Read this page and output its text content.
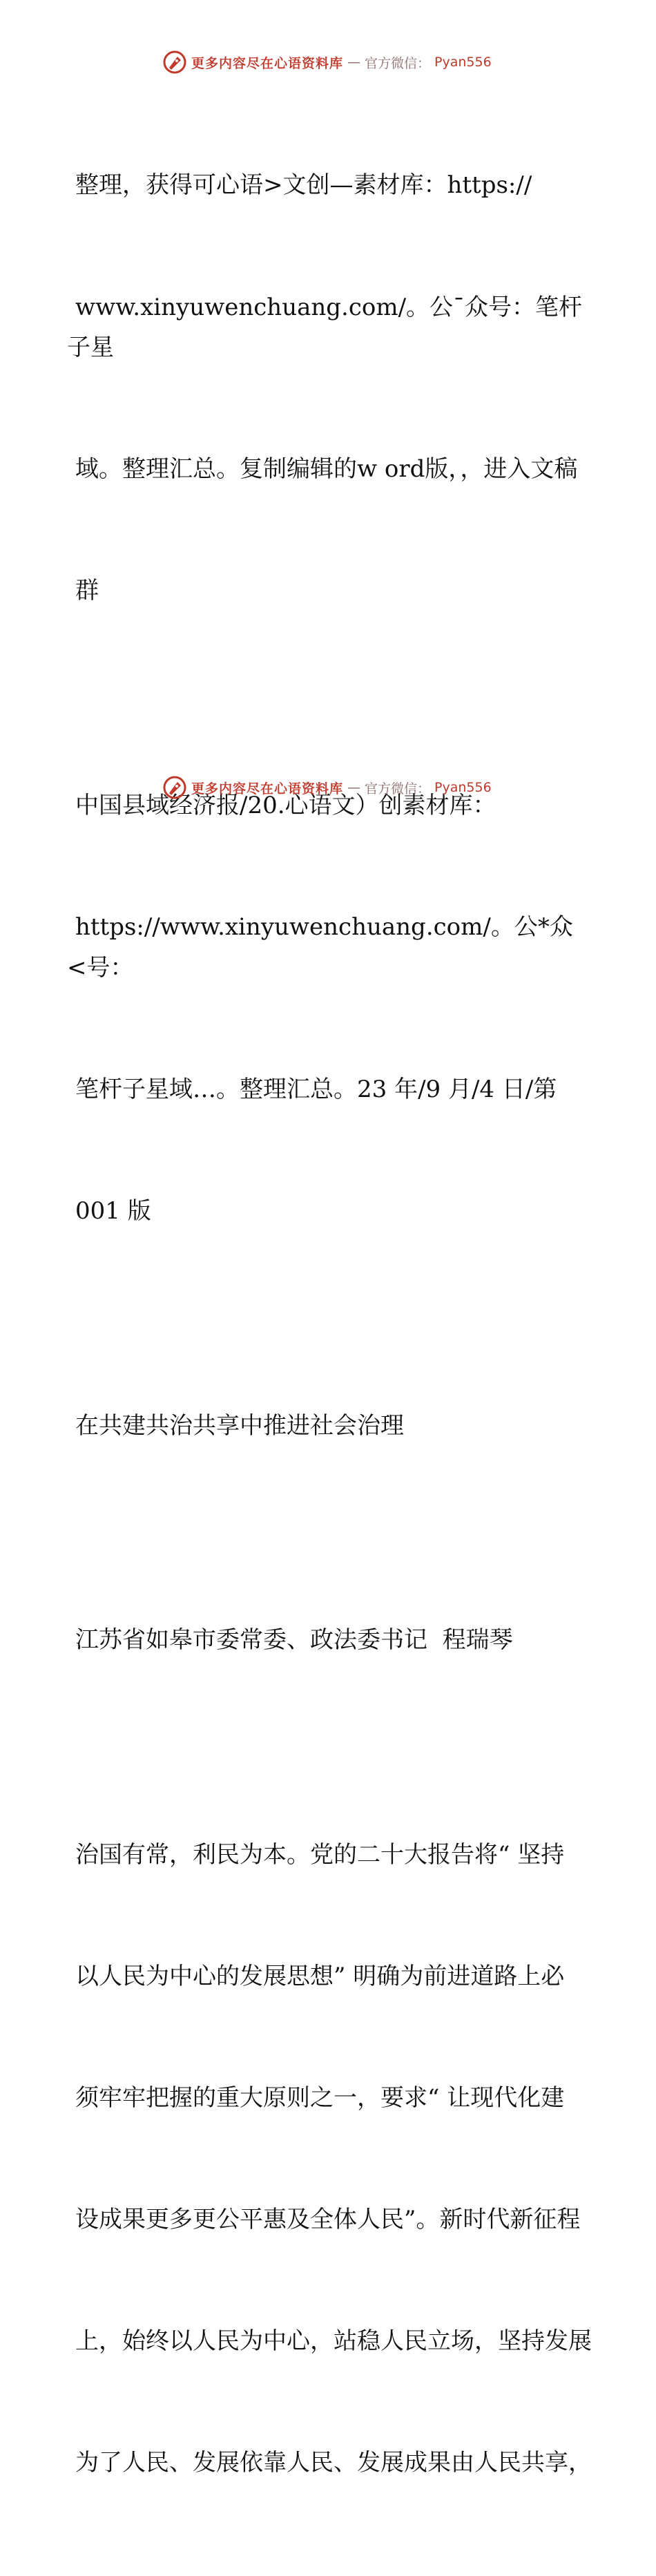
更多内容尽在心语资料库 — 官方微信： Pyan556

整理，获得可心语>文创—素材库：https://

www.xinyuwenchuang.com/。公¯众号：笔杆子星

域。整理汇总。复制编辑的w ord版，，进入文稿

群

中国县域经济报/20.心语文）创素材库：

https://www.xinyuwenchuang.com/。公*众<号：

笔杆子星域…。整理汇总。23 年/9 月/4 日/第

001 版

在共建共治共享中推进社会治理

江苏省如皋市委常委、政法委书记  程瑞琴

治国有常，利民为本。党的二十大报告将“ 坚持

以人民为中心的发展思想” 明确为前进道路上必

须牢牢把握的重大原则之一，要求“ 让现代化建

设成果更多更公平惠及全体人民”。新时代新征程

上，始终以人民为中心，站稳人民立场，坚持发展

为了人民、发展依靠人民、发展成果由人民共享，

更多内容尽在心语资料库 — 官方微信： Pyan556
